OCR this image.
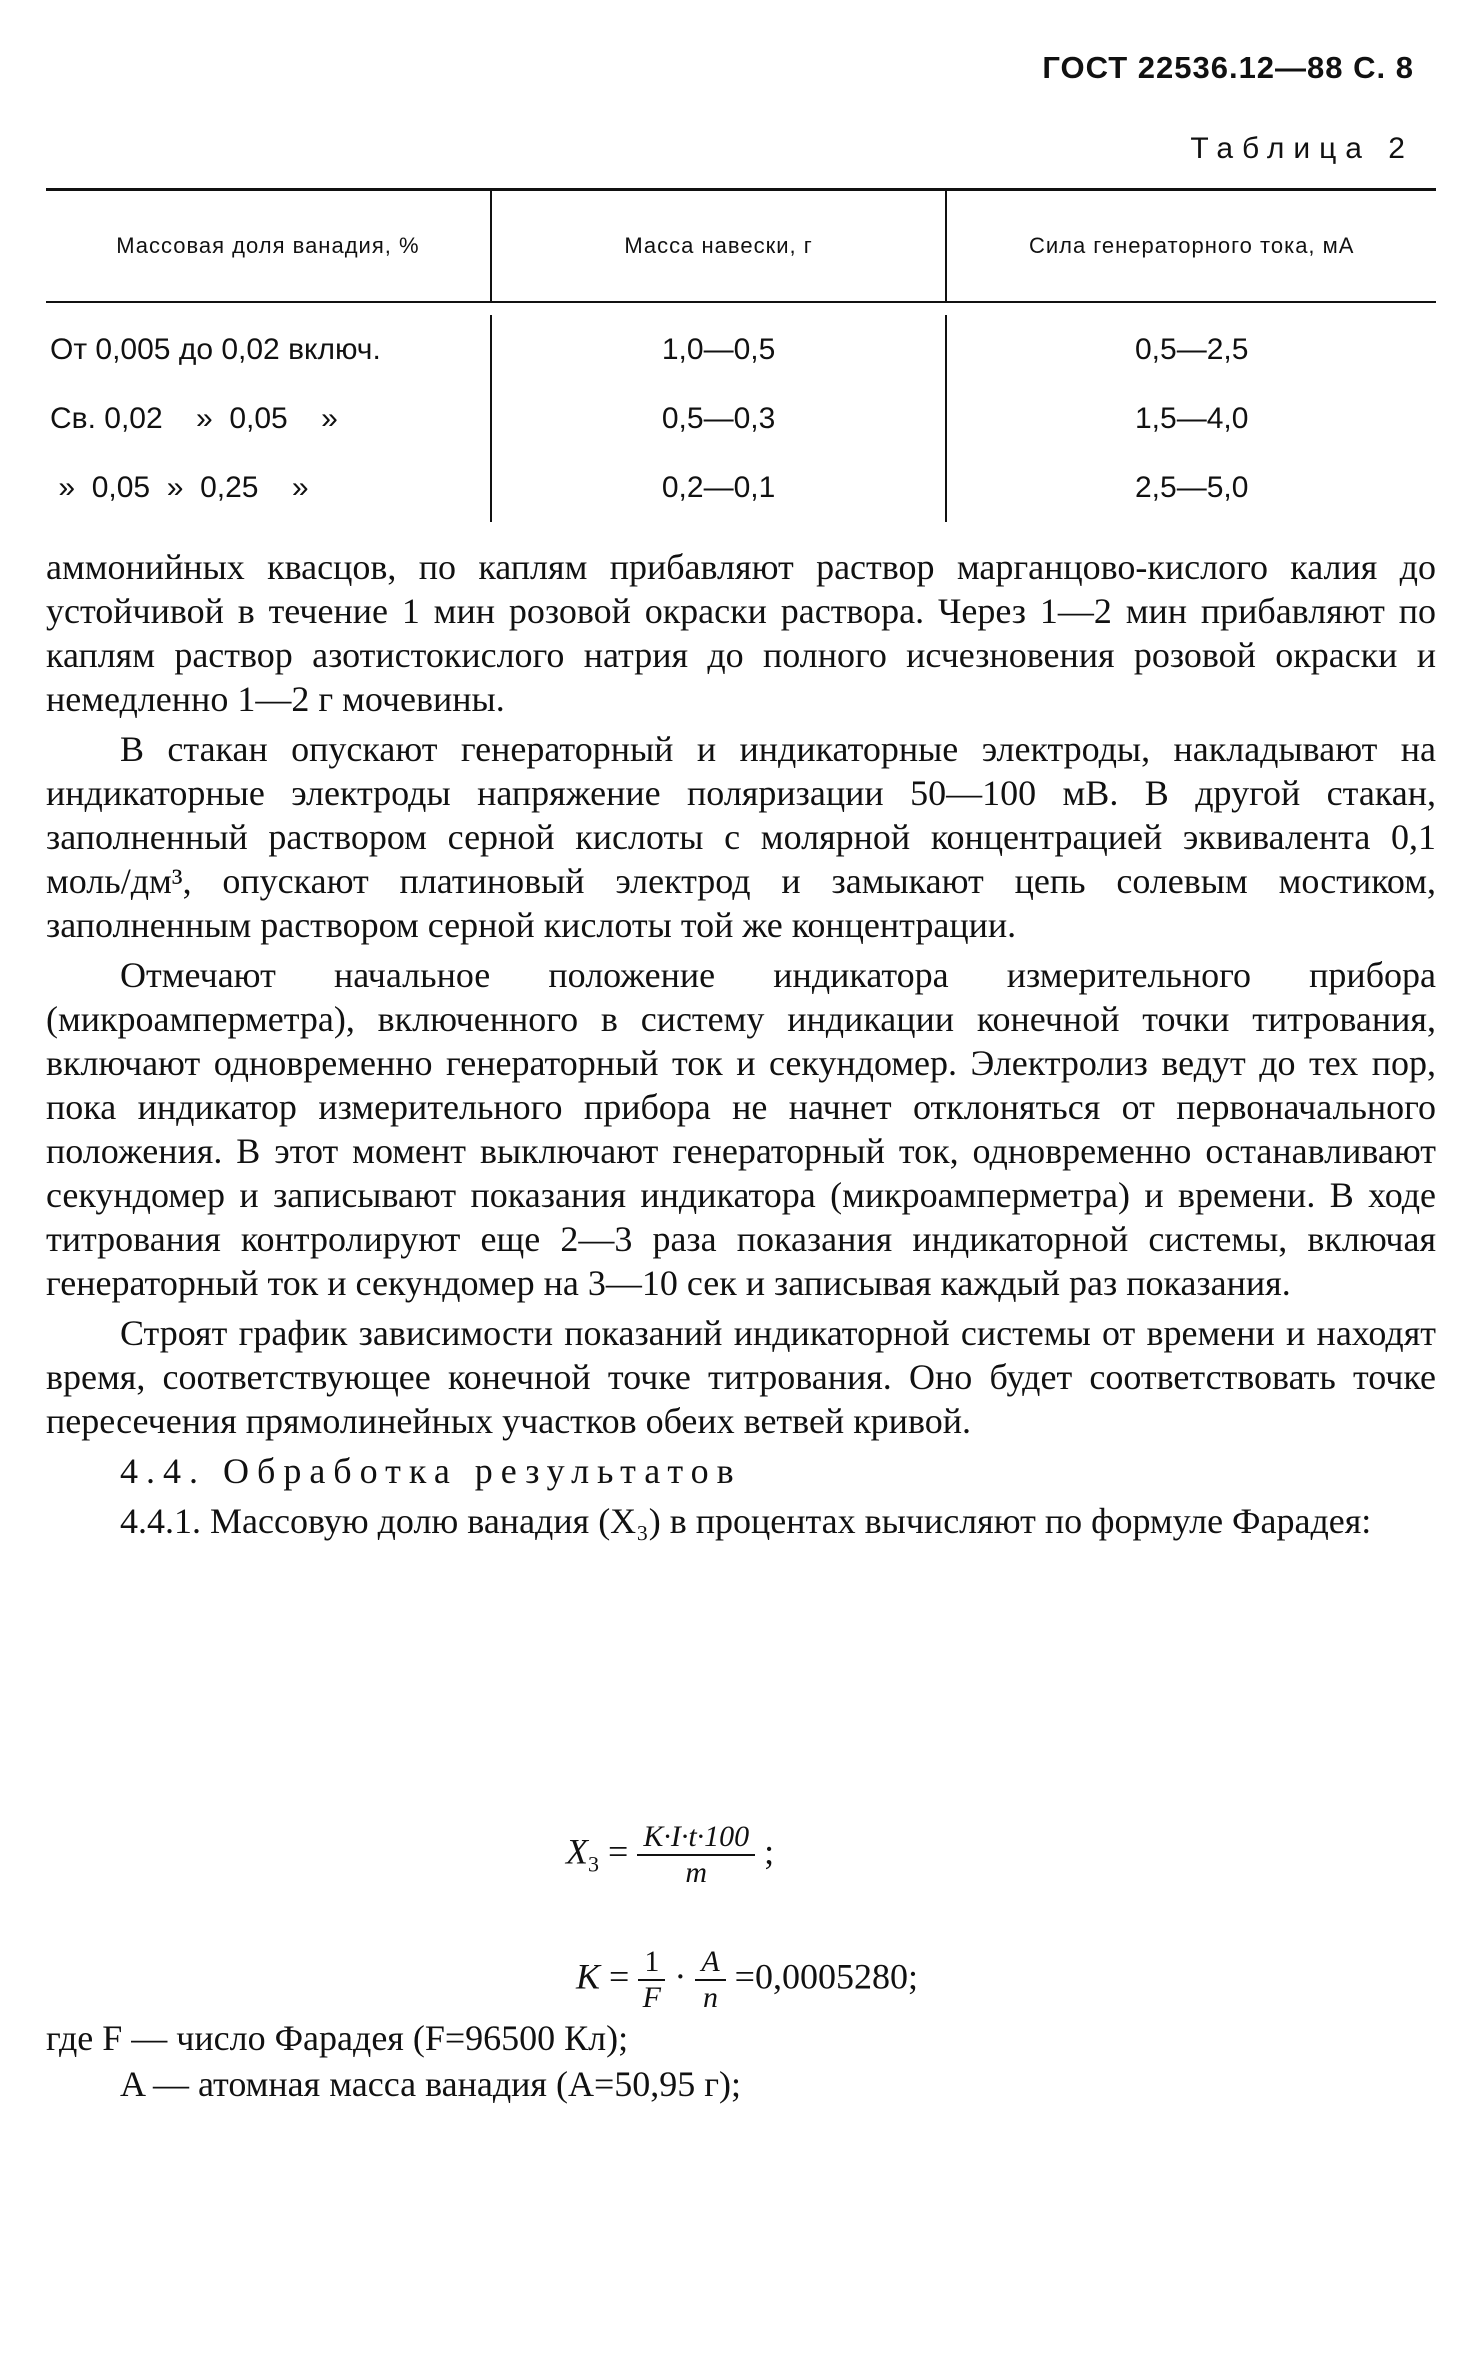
ГОСТ 22536.12—88 С. 8
Таблица 2
Массовая доля ванадия, %	Масса навески, г	Сила генераторного тока, мА
От 0,005 до 0,02 включ.	1,0—0,5	0,5—2,5
Св. 0,02    »  0,05    »	0,5—0,3	1,5—4,0
»  0,05  »  0,25    »	0,2—0,1	2,5—5,0

аммонийных квасцов, по каплям прибавляют раствор марганцово-кислого калия до устойчивой в течение 1 мин розовой окраски раствора. Через 1—2 мин прибавляют по каплям раствор азотистокислого натрия до полного исчезновения розовой окраски и немедленно 1—2 г мочевины.

В стакан опускают генераторный и индикаторные электроды, накладывают на индикаторные электроды напряжение поляризации 50—100 мВ. В другой стакан, заполненный раствором серной кислоты с молярной концентрацией эквивалента 0,1 моль/дм³, опускают платиновый электрод и замыкают цепь солевым мостиком, заполненным раствором серной кислоты той же концентрации.

Отмечают начальное положение индикатора измерительного прибора (микроамперметра), включенного в систему индикации конечной точки титрования, включают одновременно генераторный ток и секундомер. Электролиз ведут до тех пор, пока индикатор измерительного прибора не начнет отклоняться от первоначального положения. В этот момент выключают генераторный ток, одновременно останавливают секундомер и записывают показания индикатора (микроамперметра) и времени. В ходе титрования контролируют еще 2—3 раза показания индикаторной системы, включая генераторный ток и секундомер на 3—10 сек и записывая каждый раз показания.

Строят график зависимости показаний индикаторной системы от времени и находят время, соответствующее конечной точке титрования. Оно будет соответствовать точке пересечения прямолинейных участков обеих ветвей кривой.

4.4. Обработка результатов

4.4.1. Массовую долю ванадия (X₃) в процентах вычисляют по формуле Фарадея:

$X_3 = \frac{K\cdot I\cdot t\cdot 100}{m}$ ;
$K = \frac{1}{F} \cdot \frac{A}{n} =0,0005280$;
где F — число Фарадея (F=96500 Кл);
A — атомная масса ванадия (A=50,95 г);
